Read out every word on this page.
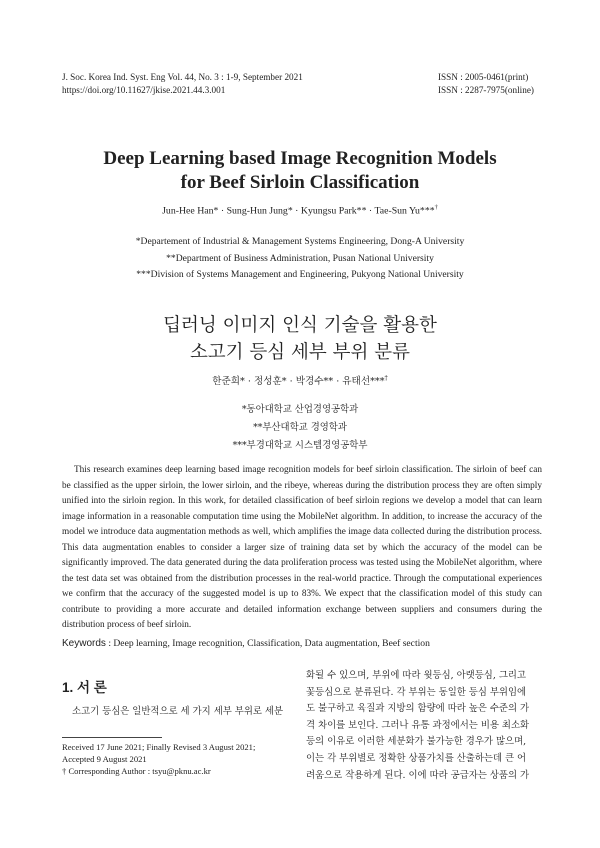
J. Soc. Korea Ind. Syst. Eng Vol. 44, No. 3 : 1-9, September 2021
https://doi.org/10.11627/jkise.2021.44.3.001
ISSN : 2005-0461(print)
ISSN : 2287-7975(online)
Deep Learning based Image Recognition Models
for Beef Sirloin Classification
Jun-Hee Han* · Sung-Hun Jung* · Kyungsu Park** · Tae-Sun Yu***†
*Departement of Industrial & Management Systems Engineering, Dong-A University
**Department of Business Administration, Pusan National University
***Division of Systems Management and Engineering, Pukyong National University
딥러닝 이미지 인식 기술을 활용한
소고기 등심 세부 부위 분류
한준희* · 정성훈* · 박경수** · 유태선***†
*동아대학교 산업경영공학과
**부산대학교 경영학과
***부경대학교 시스템경영공학부
This research examines deep learning based image recognition models for beef sirloin classification. The sirloin of beef can be classified as the upper sirloin, the lower sirloin, and the ribeye, whereas during the distribution process they are often simply unified into the sirloin region. In this work, for detailed classification of beef sirloin regions we develop a model that can learn image information in a reasonable computation time using the MobileNet algorithm. In addition, to increase the accuracy of the model we introduce data augmentation methods as well, which amplifies the image data collected during the distribution process. This data augmentation enables to consider a larger size of training data set by which the accuracy of the model can be significantly improved. The data generated during the data proliferation process was tested using the MobileNet algorithm, where the test data set was obtained from the distribution processes in the real-world practice. Through the computational experiences we confirm that the accuracy of the suggested model is up to 83%. We expect that the classification model of this study can contribute to providing a more accurate and detailed information exchange between suppliers and consumers during the distribution process of beef sirloin.
Keywords : Deep learning, Image recognition, Classification, Data augmentation, Beef section
1. 서 론
소고기 등심은 일반적으로 세 가지 세부 부위로 세분
Received 17 June 2021; Finally Revised 3 August 2021;
Accepted 9 August 2021
† Corresponding Author : tsyu@pknu.ac.kr
화될 수 있으며, 부위에 따라 윗등심, 아랫등심, 그리고
꽃등심으로 분류된다. 각 부위는 동일한 등심 부위임에
도 불구하고 육질과 지방의 함량에 따라 높은 수준의 가
격 차이를 보인다. 그러나 유통 과정에서는 비용 최소화
등의 이유로 이러한 세분화가 불가능한 경우가 많으며,
이는 각 부위별로 정확한 상품가치를 산출하는데 큰 어
려움으로 작용하게 된다. 이에 따라 공급자는 상품의 가
